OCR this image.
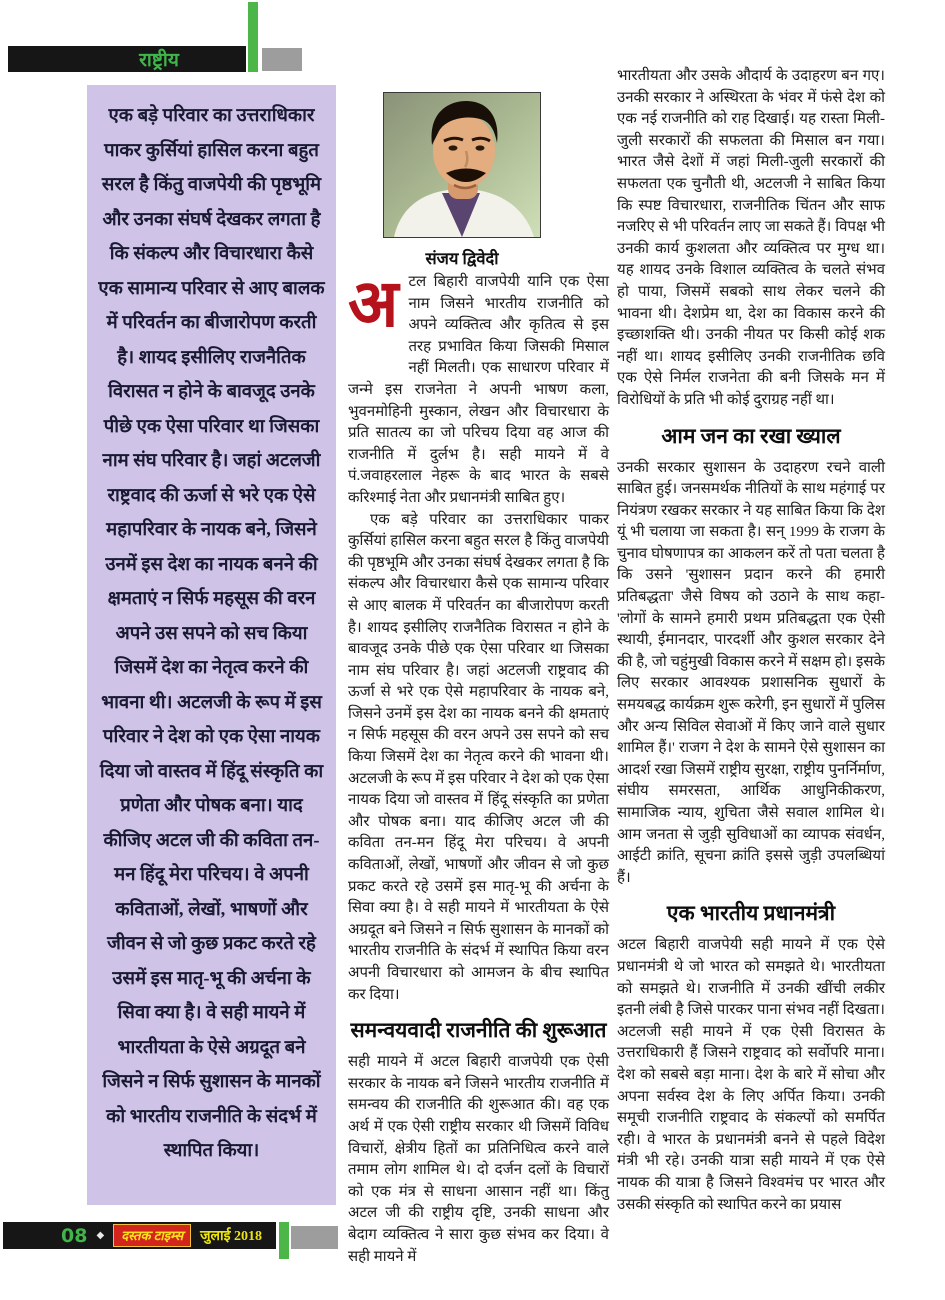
राष्ट्रीय
एक बड़े परिवार का उत्तराधिकार पाकर कुर्सियां हासिल करना बहुत सरल है किंतु वाजपेयी की पृष्ठभूमि और उनका संघर्ष देखकर लगता है कि संकल्प और विचारधारा कैसे एक सामान्य परिवार से आए बालक में परिवर्तन का बीजारोपण करती है। शायद इसीलिए राजनैतिक विरासत न होने के बावजूद उनके पीछे एक ऐसा परिवार था जिसका नाम संघ परिवार है। जहां अटलजी राष्ट्रवाद की ऊर्जा से भरे एक ऐसे महापरिवार के नायक बने, जिसने उनमें इस देश का नायक बनने की क्षमताएं न सिर्फ महसूस की वरन अपने उस सपने को सच किया जिसमें देश का नेतृत्व करने की भावना थी। अटलजी के रूप में इस परिवार ने देश को एक ऐसा नायक दिया जो वास्तव में हिंदू संस्कृति का प्रणेता और पोषक बना। याद कीजिए अटल जी की कविता तन-मन हिंदू मेरा परिचय। वे अपनी कविताओं, लेखों, भाषणों और जीवन से जो कुछ प्रकट करते रहे उसमें इस मातृ-भू की अर्चना के सिवा क्या है। वे सही मायने में भारतीयता के ऐसे अग्रदूत बने जिसने न सिर्फ सुशासन के मानकों को भारतीय राजनीति के संदर्भ में स्थापित किया।
संजय द्विवेदी

अटल बिहारी वाजपेयी यानि एक ऐसा नाम जिसने भारतीय राजनीति को अपने व्यक्तित्व और कृतित्व से इस तरह प्रभावित किया जिसकी मिसाल नहीं मिलती। एक साधारण परिवार में जन्मे इस राजनेता ने अपनी भाषण कला, भुवनमोहिनी मुस्कान, लेखन और विचारधारा के प्रति सातत्य का जो परिचय दिया वह आज की राजनीति में दुर्लभ है। सही मायने में वे पं.जवाहरलाल नेहरू के बाद भारत के सबसे करिश्माई नेता और प्रधानमंत्री साबित हुए।

एक बड़े परिवार का उत्तराधिकार पाकर कुर्सियां हासिल करना बहुत सरल है किंतु वाजपेयी की पृष्ठभूमि और उनका संघर्ष देखकर लगता है कि संकल्प और विचारधारा कैसे एक सामान्य परिवार से आए बालक में परिवर्तन का बीजारोपण करती है। शायद इसीलिए राजनैतिक विरासत न होने के बावजूद उनके पीछे एक ऐसा परिवार था जिसका नाम संघ परिवार है। जहां अटलजी राष्ट्रवाद की ऊर्जा से भरे एक ऐसे महापरिवार के नायक बने, जिसने उनमें इस देश का नायक बनने की क्षमताएं न सिर्फ महसूस की वरन अपने उस सपने को सच किया जिसमें देश का नेतृत्व करने की भावना थी। अटलजी के रूप में इस परिवार ने देश को एक ऐसा नायक दिया जो वास्तव में हिंदू संस्कृति का प्रणेता और पोषक बना। याद कीजिए अटल जी की कविता तन-मन हिंदू मेरा परिचय। वे अपनी कविताओं, लेखों, भाषणों और जीवन से जो कुछ प्रकट करते रहे उसमें इस मातृ-भू की अर्चना के सिवा क्या है। वे सही मायने में भारतीयता के ऐसे अग्रदूत बने जिसने न सिर्फ सुशासन के मानकों को भारतीय राजनीति के संदर्भ में स्थापित किया वरन अपनी विचारधारा को आमजन के बीच स्थापित कर दिया।

समन्वयवादी राजनीति की शुरूआत

सही मायने में अटल बिहारी वाजपेयी एक ऐसी सरकार के नायक बने जिसने भारतीय राजनीति में समन्वय की राजनीति की शुरूआत की। वह एक अर्थ में एक ऐसी राष्ट्रीय सरकार थी जिसमें विविध विचारों, क्षेत्रीय हितों का प्रतिनिधित्व करने वाले तमाम लोग शामिल थे। दो दर्जन दलों के विचारों को एक मंत्र से साधना आसान नहीं था। किंतु अटल जी की राष्ट्रीय दृष्टि, उनकी साधना और बेदाग व्यक्तित्व ने सारा कुछ संभव कर दिया। वे सही मायने में

भारतीयता और उसके औदार्य के उदाहरण बन गए। उनकी सरकार ने अस्थिरता के भंवर में फंसे देश को एक नई राजनीति को राह दिखाई। यह रास्ता मिली-जुली सरकारों की सफलता की मिसाल बन गया। भारत जैसे देशों में जहां मिली-जुली सरकारों की सफलता एक चुनौती थी, अटलजी ने साबित किया कि स्पष्ट विचारधारा, राजनीतिक चिंतन और साफ नजरिए से भी परिवर्तन लाए जा सकते हैं। विपक्ष भी उनकी कार्य कुशलता और व्यक्तित्व पर मुग्ध था। यह शायद उनके विशाल व्यक्तित्व के चलते संभव हो पाया, जिसमें सबको साथ लेकर चलने की भावना थी। देशप्रेम था, देश का विकास करने की इच्छाशक्ति थी। उनकी नीयत पर किसी कोई शक नहीं था। शायद इसीलिए उनकी राजनीतिक छवि एक ऐसे निर्मल राजनेता की बनी जिसके मन में विरोधियों के प्रति भी कोई दुराग्रह नहीं था।

आम जन का रखा ख्याल

उनकी सरकार सुशासन के उदाहरण रचने वाली साबित हुई। जनसमर्थक नीतियों के साथ महंगाई पर नियंत्रण रखकर सरकार ने यह साबित किया कि देश यूं भी चलाया जा सकता है। सन् 1999 के राजग के चुनाव घोषणापत्र का आकलन करें तो पता चलता है कि उसने 'सुशासन प्रदान करने की हमारी प्रतिबद्धता' जैसे विषय को उठाने के साथ कहा- 'लोगों के सामने हमारी प्रथम प्रतिबद्धता एक ऐसी स्थायी, ईमानदार, पारदर्शी और कुशल सरकार देने की है, जो चहुंमुखी विकास करने में सक्षम हो। इसके लिए सरकार आवश्यक प्रशासनिक सुधारों के समयबद्ध कार्यक्रम शुरू करेगी, इन सुधारों में पुलिस और अन्य सिविल सेवाओं में किए जाने वाले सुधार शामिल हैं।' राजग ने देश के सामने ऐसे सुशासन का आदर्श रखा जिसमें राष्ट्रीय सुरक्षा, राष्ट्रीय पुनर्निर्माण, संघीय समरसता, आर्थिक आधुनिकीकरण, सामाजिक न्याय, शुचिता जैसे सवाल शामिल थे। आम जनता से जुड़ी सुविधाओं का व्यापक संवर्धन, आईटी क्रांति, सूचना क्रांति इससे जुड़ी उपलब्धियां हैं।

एक भारतीय प्रधानमंत्री

अटल बिहारी वाजपेयी सही मायने में एक ऐसे प्रधानमंत्री थे जो भारत को समझते थे। भारतीयता को समझते थे। राजनीति में उनकी खींची लकीर इतनी लंबी है जिसे पारकर पाना संभव नहीं दिखता। अटलजी सही मायने में एक ऐसी विरासत के उत्तराधिकारी हैं जिसने राष्ट्रवाद को सर्वोपरि माना। देश को सबसे बड़ा माना। देश के बारे में सोचा और अपना सर्वस्व देश के लिए अर्पित किया। उनकी समूची राजनीति राष्ट्रवाद के संकल्पों को समर्पित रही। वे भारत के प्रधानमंत्री बनने से पहले विदेश मंत्री भी रहे। उनकी यात्रा सही मायने में एक ऐसे नायक की यात्रा है जिसने विश्वमंच पर भारत और उसकी संस्कृति को स्थापित करने का प्रयास

08 ◆	दस्तक टाइम्स	जुलाई 2018
